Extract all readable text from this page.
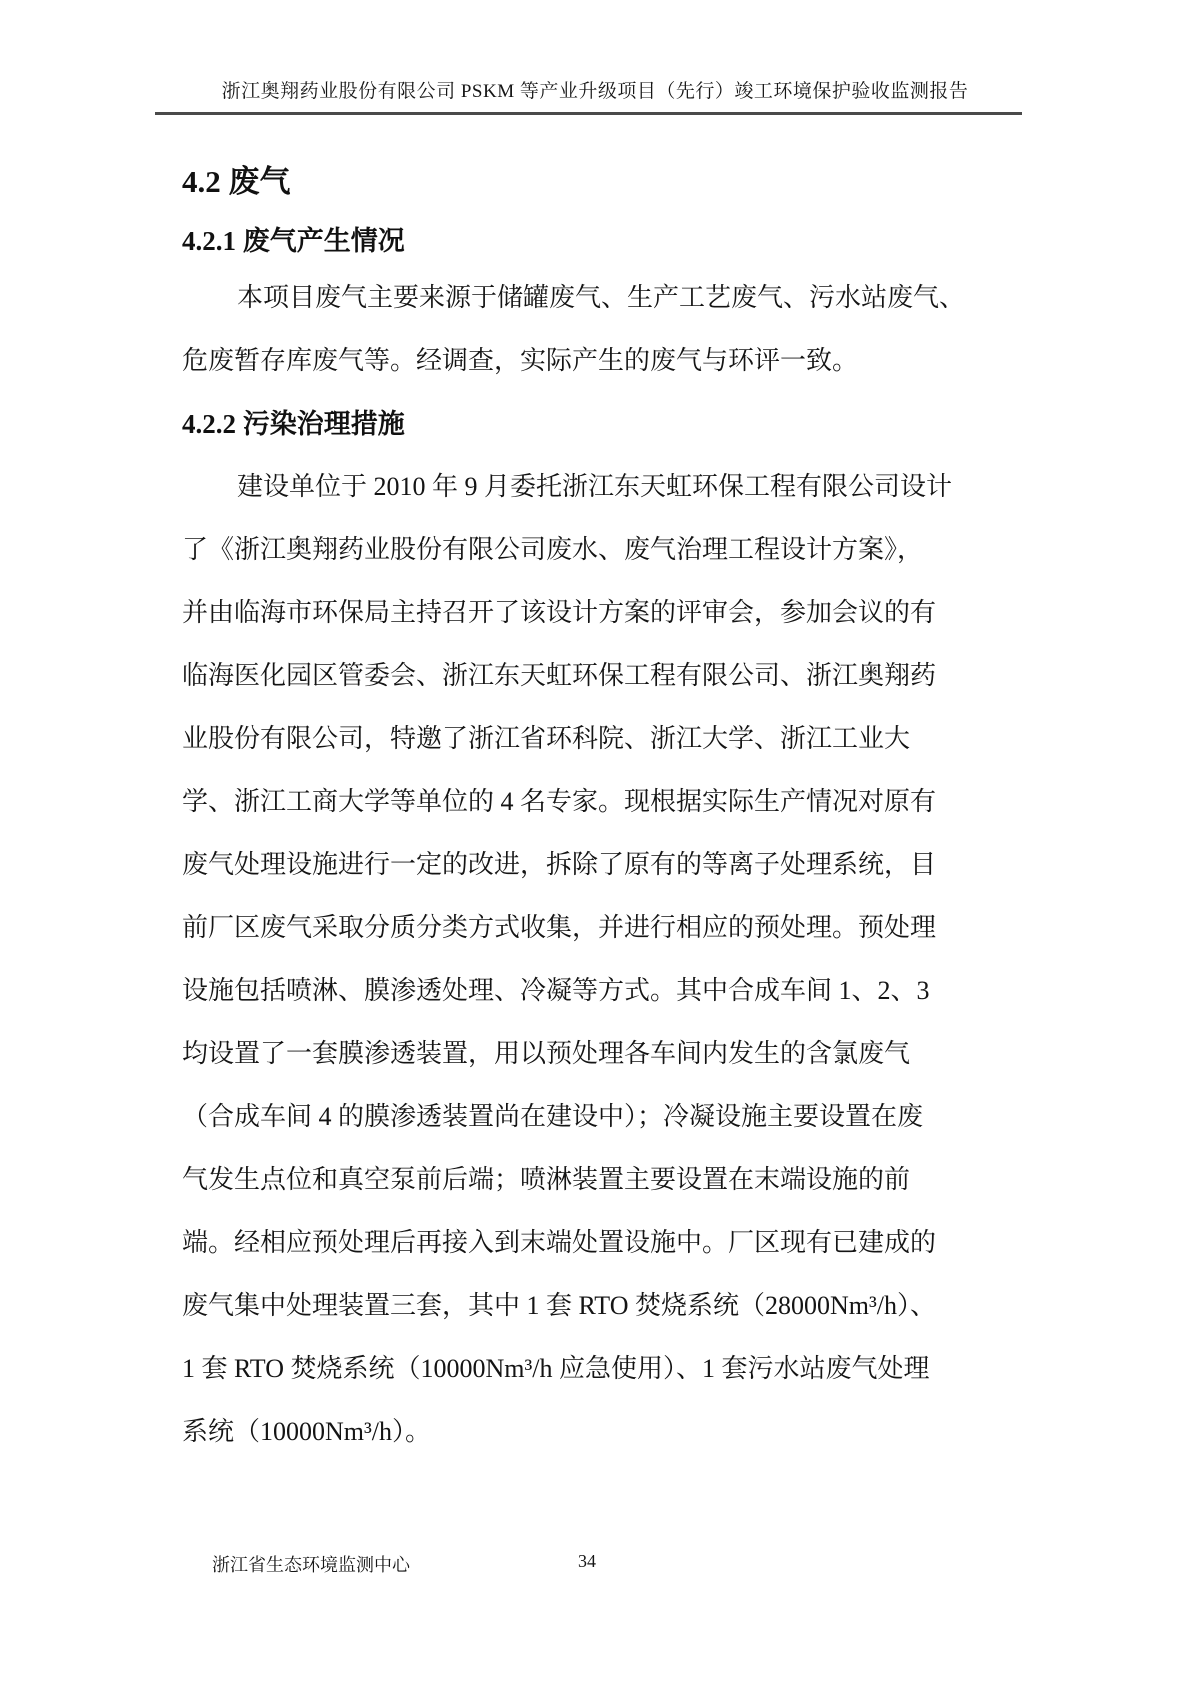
浙江奥翔药业股份有限公司 PSKM 等产业升级项目（先行）竣工环境保护验收监测报告
4.2 废气
4.2.1 废气产生情况
本项目废气主要来源于储罐废气、生产工艺废气、污水站废气、
危废暂存库废气等。经调查，实际产生的废气与环评一致。
4.2.2 污染治理措施
建设单位于 2010 年 9 月委托浙江东天虹环保工程有限公司设计
了《浙江奥翔药业股份有限公司废水、废气治理工程设计方案》，
并由临海市环保局主持召开了该设计方案的评审会，参加会议的有
临海医化园区管委会、浙江东天虹环保工程有限公司、浙江奥翔药
业股份有限公司，特邀了浙江省环科院、浙江大学、浙江工业大
学、浙江工商大学等单位的 4 名专家。现根据实际生产情况对原有
废气处理设施进行一定的改进，拆除了原有的等离子处理系统，目
前厂区废气采取分质分类方式收集，并进行相应的预处理。预处理
设施包括喷淋、膜渗透处理、冷凝等方式。其中合成车间 1、2、3
均设置了一套膜渗透装置，用以预处理各车间内发生的含氯废气
（合成车间 4 的膜渗透装置尚在建设中）；冷凝设施主要设置在废
气发生点位和真空泵前后端；喷淋装置主要设置在末端设施的前
端。经相应预处理后再接入到末端处置设施中。厂区现有已建成的
废气集中处理装置三套，其中 1 套 RTO 焚烧系统（28000Nm³/h）、
1 套 RTO 焚烧系统（10000Nm³/h 应急使用）、1 套污水站废气处理
系统（10000Nm³/h）。
浙江省生态环境监测中心	34
